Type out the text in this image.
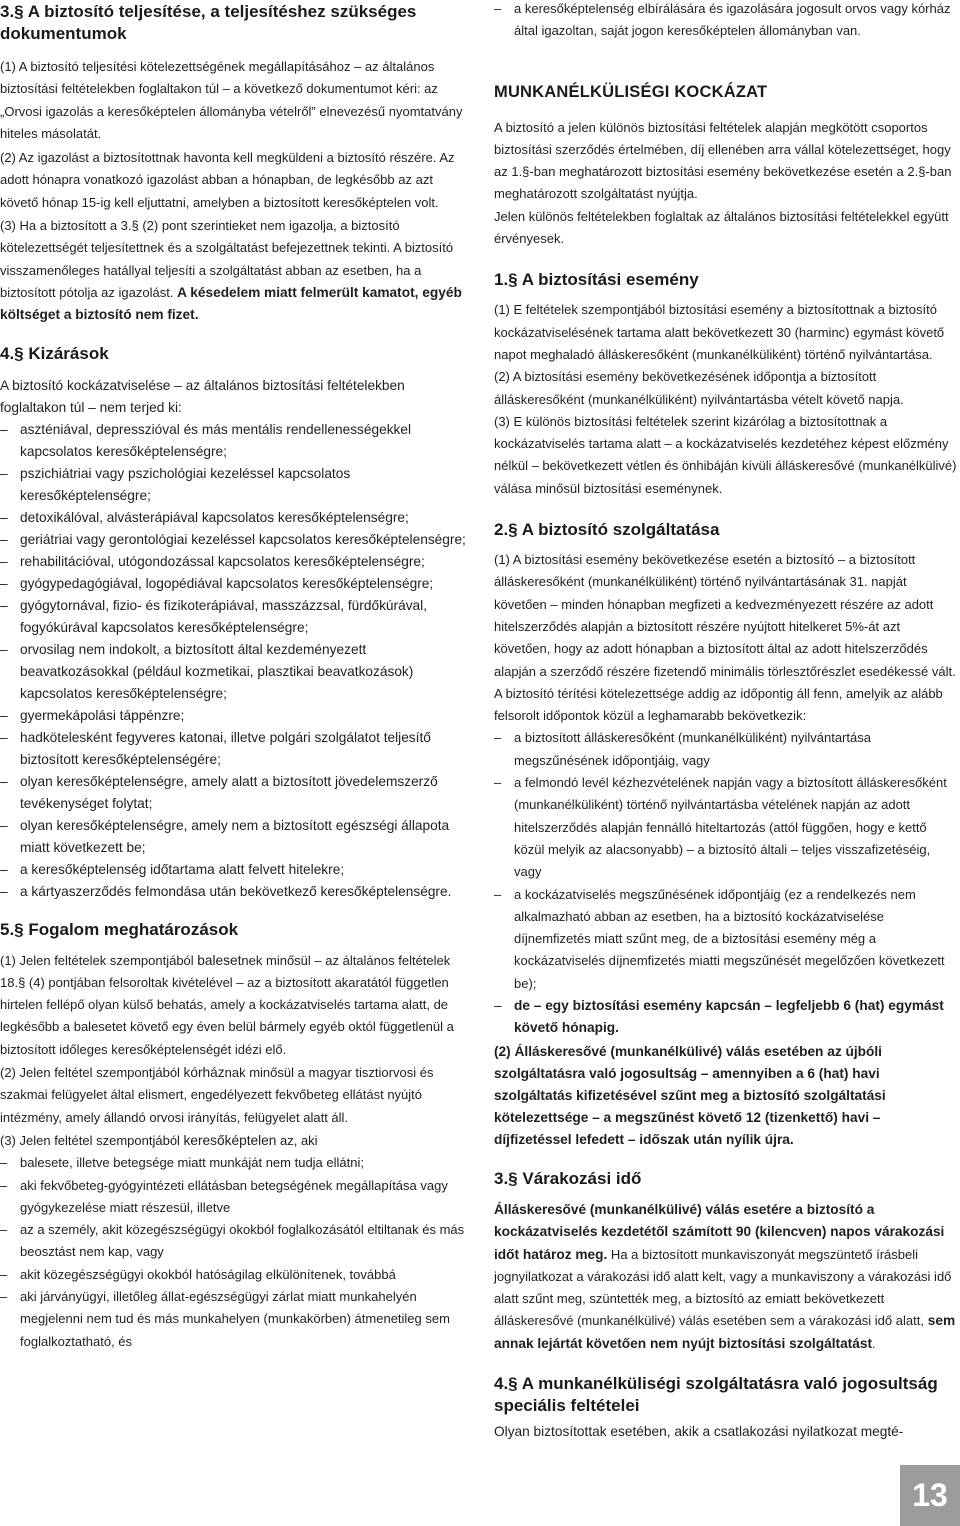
3.§ A biztosító teljesítése, a teljesítéshez szükséges dokumentumok

(1) A biztosító teljesítési kötelezettségének megállapításához – az általános biztosítási feltételekben foglaltakon túl – a következő dokumentumot kéri: az „Orvosi igazolás a keresőképtelen állományba vételről” elnevezésű nyomtatvány hiteles másolatát.

(2) Az igazolást a biztosítottnak havonta kell megküldeni a biztosító részére. Az adott hónapra vonatkozó igazolást abban a hónapban, de legkésőbb az azt követő hónap 15-ig kell eljuttatni, amelyben a biztosított keresőképtelen volt.

(3) Ha a biztosított a 3.§ (2) pont szerintieket nem igazolja, a biztosító kötelezettségét teljesítettnek és a szolgáltatást befejezettnek tekinti. A biztosító visszamenőleges hatállyal teljesíti a szolgáltatást abban az esetben, ha a biztosított pótolja az igazolást. A késedelem miatt felmerült kamatot, egyéb költséget a biztosító nem fizet.

4.§ Kizárások

A biztosító kockázatviselése – az általános biztosítási feltételekben foglaltakon túl – nem terjed ki:

– aszténiával, depresszióval és más mentális rendellenességekkel kapcsolatos keresőképtelenségre;
– pszichiátriai vagy pszichológiai kezeléssel kapcsolatos keresőképtelenségre;
– detoxikálóval, alvásterápiával kapcsolatos keresőképtelenségre;
– geriátriai vagy gerontológiai kezeléssel kapcsolatos keresőképtelenségre;
– rehabilitációval, utógondozással kapcsolatos keresőképtelenségre;
– gyógypedagógiával, logopédiával kapcsolatos keresőképtelenségre;
– gyógytornával, fizio- és fizikoterápiával, masszázzsal, fürdőkúrával, fogyókúrával kapcsolatos keresőképtelenségre;
– orvosilag nem indokolt, a biztosított által kezdeményezett beavatkozásokkal (például kozmetikai, plasztikai beavatkozások) kapcsolatos keresőképtelenségre;
– gyermekápolási táppénzre;
– hadkötelesként fegyveres katonai, illetve polgári szolgálatot teljesítő biztosított keresőképtelenségére;
– olyan keresőképtelenségre, amely alatt a biztosított jövedelemszerző tevékenységet folytat;
– olyan keresőképtelenségre, amely nem a biztosított egészségi állapota miatt következett be;
– a keresőképtelenség időtartama alatt felvett hitelekre;
– a kártyaszerződés felmondása után bekövetkező keresőképtelenségre.
5.§ Fogalom meghatározások

(1) Jelen feltételek szempontjából balesetnek minősül – az általános feltételek 18.§ (4) pontjában felsoroltak kivételével – az a biztosított akaratától független hirtelen fellépő olyan külső behatás, amely a kockázatviselés tartama alatt, de legkésőbb a balesetet követő egy éven belül bármely egyéb októl függetlenül a biztosított időleges keresőképtelenségét idézi elő.

(2) Jelen feltétel szempontjából kórháznak minősül a magyar tisztiorvosi és szakmai felügyelet által elismert, engedélyezett fekvőbeteg ellátást nyújtó intézmény, amely állandó orvosi irányítás, felügyelet alatt áll.

(3) Jelen feltétel szempontjából keresőképtelen az, aki

– balesete, illetve betegsége miatt munkáját nem tudja ellátni;
– aki fekvőbeteg-gyógyintézeti ellátásban betegségének megállapítása vagy gyógykezelése miatt részesül, illetve
– az a személy, akit közegészségügyi okokból foglalkozásától eltiltanak és más beosztást nem kap, vagy
– akit közegészségügyi okokból hatóságilag elkülönítenek, továbbá
– aki járványügyi, illetőleg állat-egészségügyi zárlat miatt munkahelyén megjelenni nem tud és más munkahelyen (munkakörben) átmenetileg sem foglalkoztatható, és
– a keresőképtelenség elbírálására és igazolására jogosult orvos vagy kórház által igazoltan, saját jogon keresőképtelen állományban van.
MUNKANÉLKÜLISÉGI KOCKÁZAT

A biztosító a jelen különös biztosítási feltételek alapján megkötött csoportos biztosítási szerződés értelmében, díj ellenében arra vállal kötelezettséget, hogy az 1.§-ban meghatározott biztosítási esemény bekövetkezése esetén a 2.§-ban meghatározott szolgáltatást nyújtja.

Jelen különös feltételekben foglaltak az általános biztosítási feltételekkel együtt érvényesek.

1.§ A biztosítási esemény

(1) E feltételek szempontjából biztosítási esemény a biztosítottnak a biztosító kockázatviselésének tartama alatt bekövetkezett 30 (harminc) egymást követő napot meghaladó álláskeresőként (munkanélküliként) történő nyilvántartása.

(2) A biztosítási esemény bekövetkezésének időpontja a biztosított álláskeresőként (munkanélküliként) nyilvántartásba vételt követő napja.

(3) E különös biztosítási feltételek szerint kizárólag a biztosítottnak a kockázatviselés tartama alatt – a kockázatviselés kezdetéhez képest előzmény nélkül – bekövetkezett vétlen és önhibáján kívüli álláskeresővé (munkanélkülivé) válása minősül biztosítási eseménynek.

2.§ A biztosító szolgáltatása

(1) A biztosítási esemény bekövetkezése esetén a biztosító – a biztosított álláskeresőként (munkanélküliként) történő nyilvántartásának 31. napját követően – minden hónapban megfizeti a kedvezményezett részére az adott hitelszerződés alapján a biztosított részére nyújtott hitelkeret 5%-át azt követően, hogy az adott hónapban a biztosított által az adott hitelszerződés alapján a szerződő részére fizetendő minimális törlesztőrészlet esedékessé vált. A biztosító térítési kötelezettsége addig az időpontig áll fenn, amelyik az alább felsorolt időpontok közül a leghamarabb bekövetkezik:

– a biztosított álláskeresőként (munkanélküliként) nyilvántartása megszűnésének időpontjáig, vagy
– a felmondó levél kézhezvételének napján vagy a biztosított álláskeresőként (munkanélküliként) történő nyilvántartásba vételének napján az adott hitelszerződés alapján fennálló hiteltartozás (attól függően, hogy e kettő közül melyik az alacsonyabb) – a biztosító általi – teljes visszafizetéséig, vagy
– a kockázatviselés megszűnésének időpontjáig (ez a rendelkezés nem alkalmazható abban az esetben, ha a biztosító kockázatviselése díjnemfizetés miatt szűnt meg, de a biztosítási esemény még a kockázatviselés díjnemfizetés miatti megszűnését megelőzően következett be);
– de – egy biztosítási esemény kapcsán – legfeljebb 6 (hat) egymást követő hónapig.

(2) Álláskeresővé (munkanélkülivé) válás esetében az újbóli szolgáltatásra való jogosultság – amennyiben a 6 (hat) havi szolgáltatás kifizetésével szűnt meg a biztosító szolgáltatási kötelezettsége – a megszűnést követő 12 (tizenkettő) havi – díjfizetéssel lefedett – időszak után nyílik újra.

3.§ Várakozási idő

Álláskeresővé (munkanélkülivé) válás esetére a biztosító a kockázatviselés kezdetétől számított 90 (kilencven) napos várakozási időt határoz meg. Ha a biztosított munkaviszonyát megszüntető írásbeli jognyilatkozat a várakozási idő alatt kelt, vagy a munkaviszony a várakozási idő alatt szűnt meg, szüntették meg, a biztosító az emiatt bekövetkezett álláskeresővé (munkanélkülivé) válás esetében sem a várakozási idő alatt, sem annak lejártát követően nem nyújt biztosítási szolgáltatást.

4.§ A munkanélküliségi szolgáltatásra való jogosultság speciális feltételei

Olyan biztosítottak esetében, akik a csatlakozási nyilatkozat megté-

13
